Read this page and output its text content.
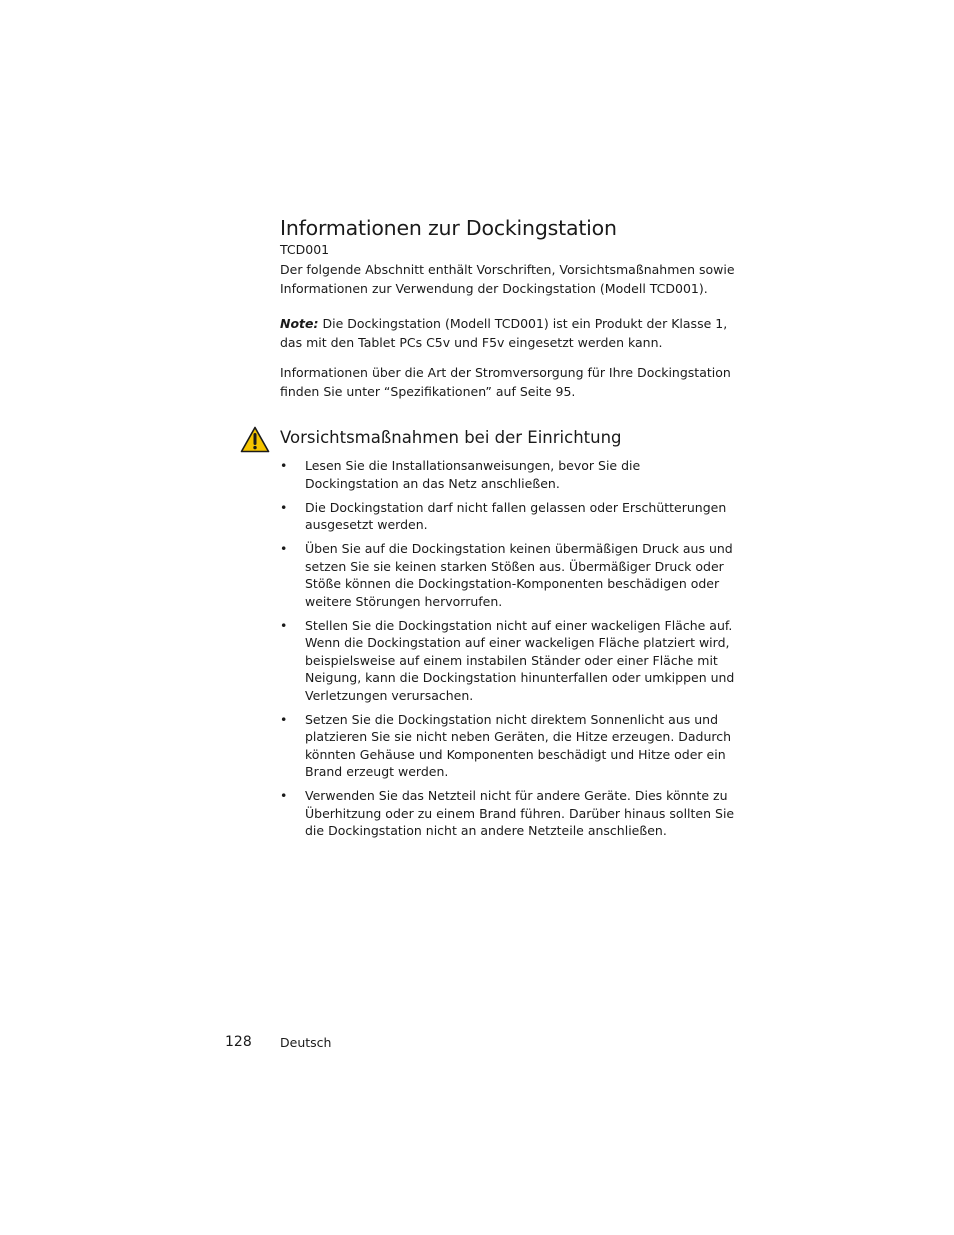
Informationen zur Dockingstation

TCD001

Der folgende Abschnitt enthält Vorschriften, Vorsichtsmaßnahmen sowie Informationen zur Verwendung der Dockingstation (Modell TCD001).

Note: Die Dockingstation (Modell TCD001) ist ein Produkt der Klasse 1, das mit den Tablet PCs C5v und F5v eingesetzt werden kann.

Informationen über die Art der Stromversorgung für Ihre Dockingstation finden Sie unter “Spezifikationen” auf Seite 95.

Vorsichtsmaßnahmen bei der Einrichtung
• Lesen Sie die Installationsanweisungen, bevor Sie die Dockingstation an das Netz anschließen.
• Die Dockingstation darf nicht fallen gelassen oder Erschütterungen ausgesetzt werden.
• Üben Sie auf die Dockingstation keinen übermäßigen Druck aus und setzen Sie sie keinen starken Stößen aus. Übermäßiger Druck oder Stöße können die Dockingstation-Komponenten beschädigen oder weitere Störungen hervorrufen.
• Stellen Sie die Dockingstation nicht auf einer wackeligen Fläche auf. Wenn die Dockingstation auf einer wackeligen Fläche platziert wird, beispielsweise auf einem instabilen Ständer oder einer Fläche mit Neigung, kann die Dockingstation hinunterfallen oder umkippen und Verletzungen verursachen.
• Setzen Sie die Dockingstation nicht direktem Sonnenlicht aus und platzieren Sie sie nicht neben Geräten, die Hitze erzeugen. Dadurch könnten Gehäuse und Komponenten beschädigt und Hitze oder ein Brand erzeugt werden.
• Verwenden Sie das Netzteil nicht für andere Geräte. Dies könnte zu Überhitzung oder zu einem Brand führen. Darüber hinaus sollten Sie die Dockingstation nicht an andere Netzteile anschließen.

128 Deutsch
